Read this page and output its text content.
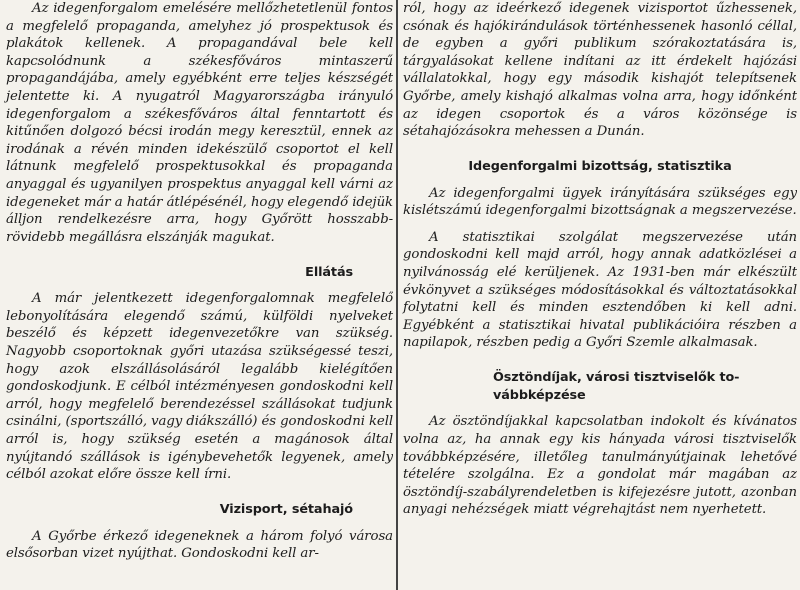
Az idegenforgalom emelésére mellőzhetetlenül fontos a megfelelő propaganda, amelyhez jó prospektusok és plakátok kellenek. A propagandával bele kell kapcsolódnunk a székesfőváros mintaszerű propagandájába, amely egyébként erre teljes készségét jelentette ki. A nyugatról Magyarországba irányuló idegenforgalom a székesfőváros által fenntartott és kitűnően dolgozó bécsi irodán megy keresztül, ennek az irodának a révén minden idekészülő csoportot el kell látnunk megfelelő prospektusokkal és propaganda anyaggal és ugyanilyen prospektus anyaggal kell várni az idegeneket már a határ átlépésénél, hogy elegendő idejük álljon rendelkezésre arra, hogy Győrött hosszabb-rövidebb megállásra elszánják magukat.

Ellátás

A már jelentkezett idegenforgalomnak megfelelő lebonyolítására elegendő számú, külföldi nyelveket beszélő és képzett idegenvezetőkre van szükség. Nagyobb csoportoknak győri utazása szükségessé teszi, hogy azok elszállásolásáról legalább kielégítően gondoskodjunk. E célból intézményesen gondoskodni kell arról, hogy megfelelő berendezéssel szállásokat tudjunk csinálni, (sportszálló, vagy diákszálló) és gondoskodni kell arról is, hogy szükség esetén a magánosok által nyújtandó szállások is igénybevehetők legyenek, amely célból azokat előre össze kell írni.

Vizisport, sétahajó

A Győrbe érkező idegeneknek a három folyó városa elsősorban vizet nyújthat. Gondoskodni kell ar-

ról, hogy az ideérkező idegenek vizisportot űzhessenek, csónak és hajókirándulások történhessenek hasonló céllal, de egyben a győri publikum szórakoztatására is, tárgyalásokat kellene indítani az itt érdekelt hajózási vállalatokkal, hogy egy második kishajót telepítsenek Győrbe, amely kishajó alkalmas volna arra, hogy időnként az idegen csoportok és a város közönsége is sétahajózásokra mehessen a Dunán.

Idegenforgalmi bizottság, statisztika

Az idegenforgalmi ügyek irányítására szükséges egy kislétszámú idegenforgalmi bizottságnak a megszervezése.

A statisztikai szolgálat megszervezése után gondoskodni kell majd arról, hogy annak adatközlései a nyilvánosság elé kerüljenek. Az 1931-ben már elkészült évkönyvet a szükséges módosításokkal és változtatásokkal folytatni kell és minden esztendőben ki kell adni. Egyébként a statisztikai hivatal publikációira részben a napilapok, részben pedig a Győri Szemle alkalmasak.

Ösztöndíjak, városi tisztviselők to-
vábbképzése

Az ösztöndíjakkal kapcsolatban indokolt és kívánatos volna az, ha annak egy kis hányada városi tisztviselők továbbképzésére, illetőleg tanulmányútjainak lehetővé tételére szolgálna. Ez a gondolat már magában az ösztöndíj-szabályrendeletben is kifejezésre jutott, azonban anyagi nehézségek miatt végrehajtást nem nyerhetett.
